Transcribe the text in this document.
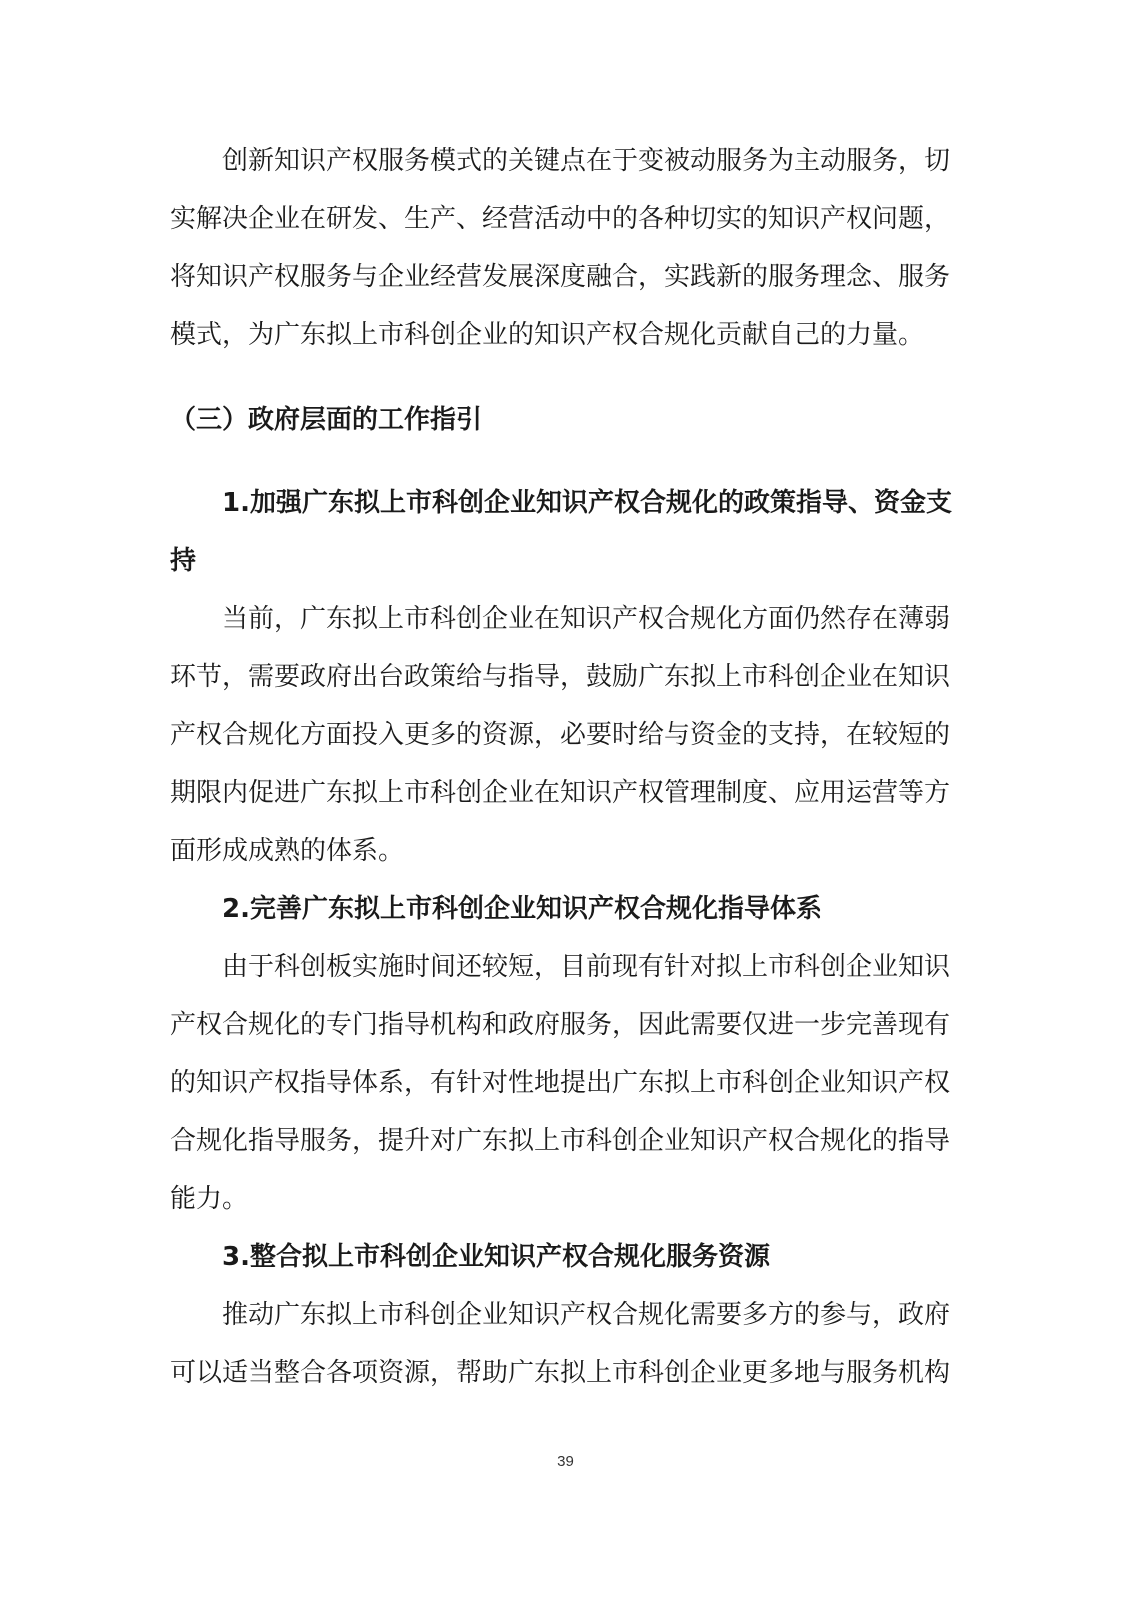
创新知识产权服务模式的关键点在于变被动服务为主动服务，切
实解决企业在研发、生产、经营活动中的各种切实的知识产权问题，
将知识产权服务与企业经营发展深度融合，实践新的服务理念、服务
模式，为广东拟上市科创企业的知识产权合规化贡献自己的力量。
（三）政府层面的工作指引
1.加强广东拟上市科创企业知识产权合规化的政策指导、资金支
持
当前，广东拟上市科创企业在知识产权合规化方面仍然存在薄弱
环节，需要政府出台政策给与指导，鼓励广东拟上市科创企业在知识
产权合规化方面投入更多的资源，必要时给与资金的支持，在较短的
期限内促进广东拟上市科创企业在知识产权管理制度、应用运营等方
面形成成熟的体系。
2.完善广东拟上市科创企业知识产权合规化指导体系
由于科创板实施时间还较短，目前现有针对拟上市科创企业知识
产权合规化的专门指导机构和政府服务，因此需要仅进一步完善现有
的知识产权指导体系，有针对性地提出广东拟上市科创企业知识产权
合规化指导服务，提升对广东拟上市科创企业知识产权合规化的指导
能力。
3.整合拟上市科创企业知识产权合规化服务资源
推动广东拟上市科创企业知识产权合规化需要多方的参与，政府
可以适当整合各项资源，帮助广东拟上市科创企业更多地与服务机构
39
